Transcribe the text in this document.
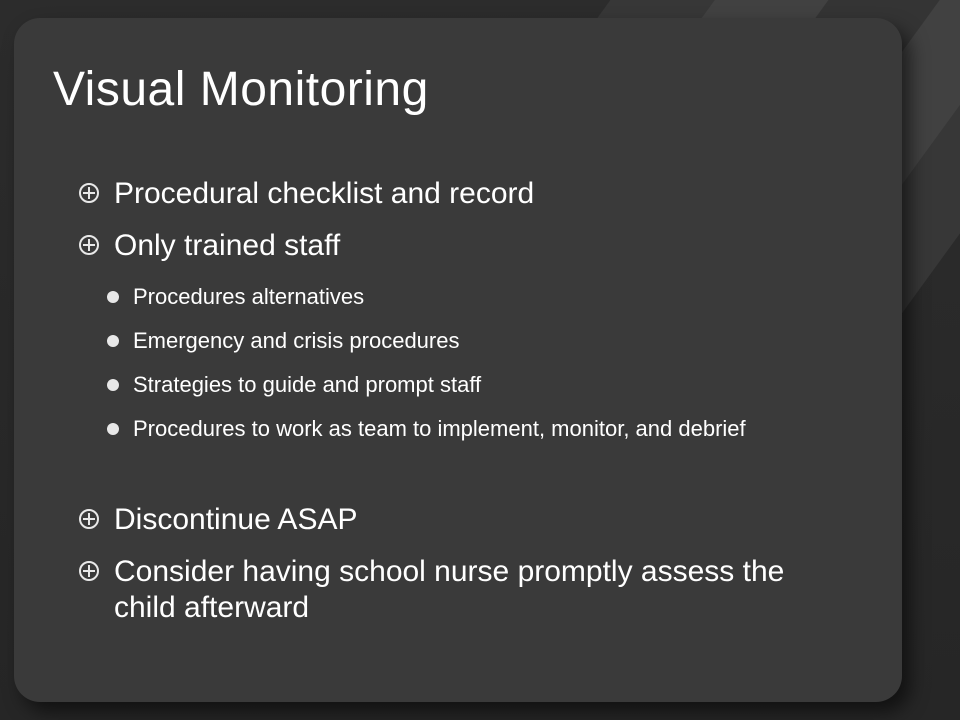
Visual Monitoring
Procedural checklist and record
Only trained staff
Procedures alternatives
Emergency and crisis procedures
Strategies to guide and prompt staff
Procedures to work as team to implement, monitor, and debrief
Discontinue ASAP
Consider having school nurse promptly assess the child afterward
